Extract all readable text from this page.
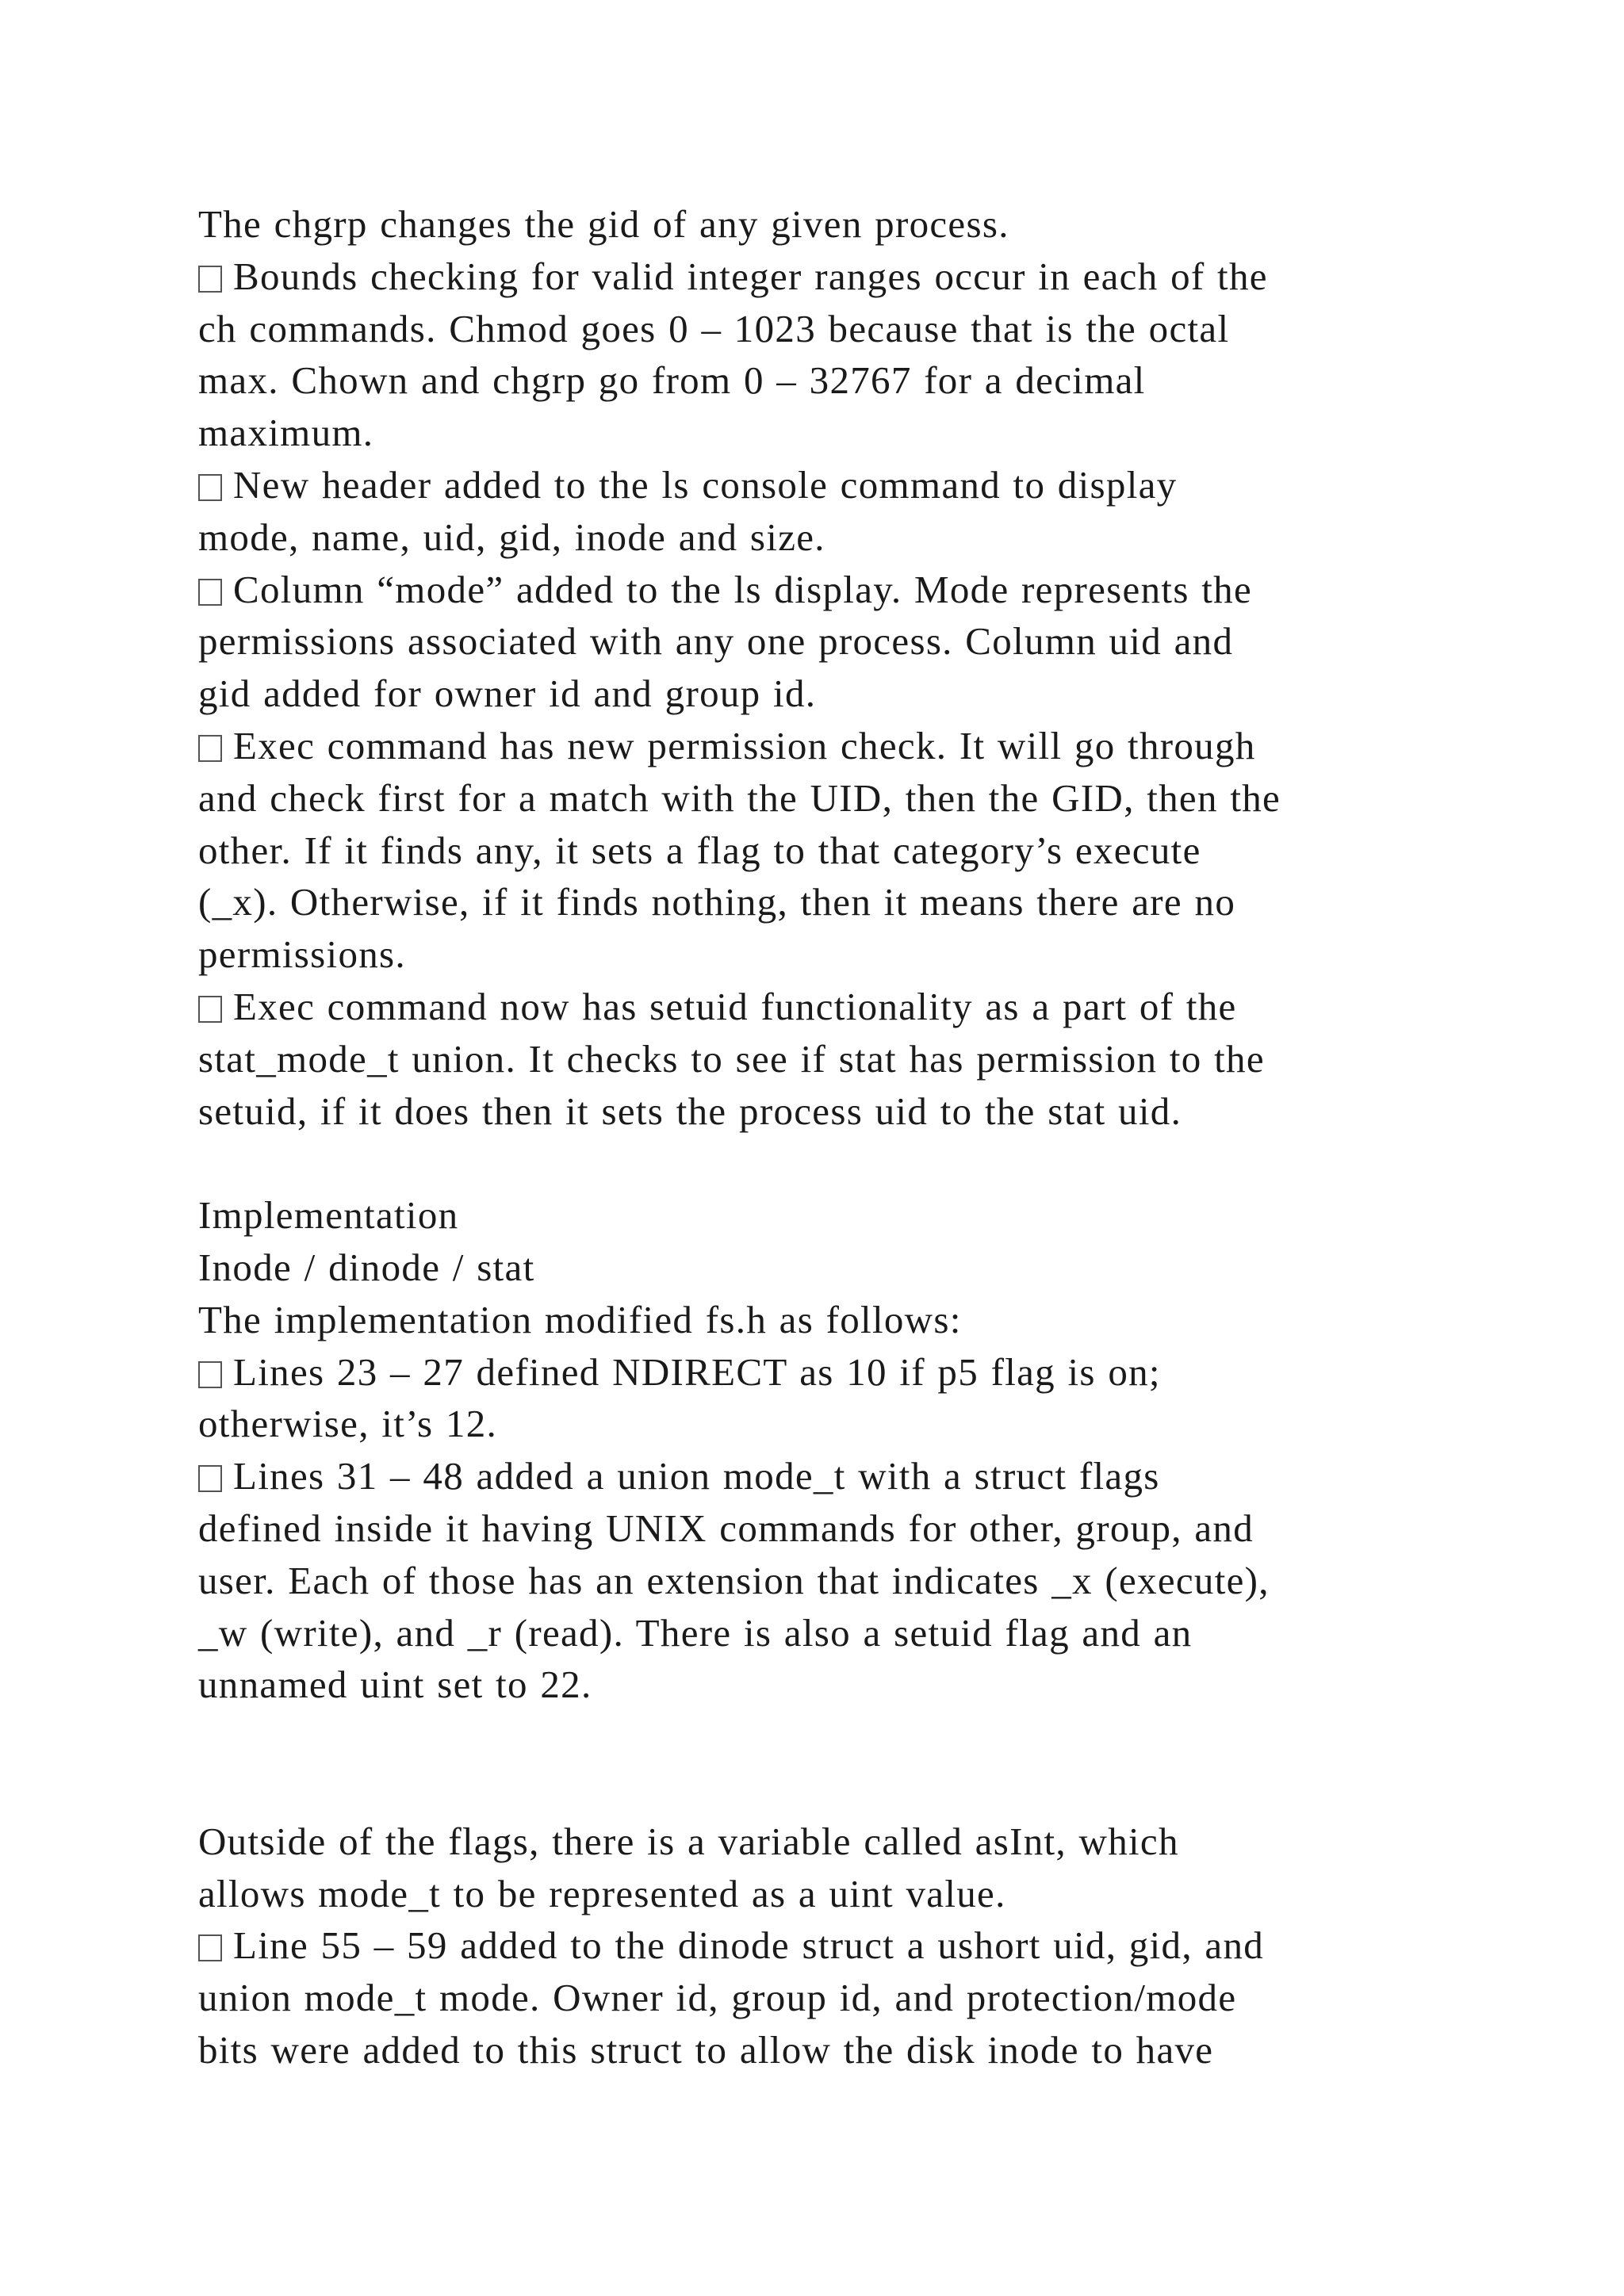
The chgrp changes the gid of any given process.
Bounds checking for valid integer ranges occur in each of the
ch commands. Chmod goes 0 – 1023 because that is the octal
max. Chown and chgrp go from 0 – 32767 for a decimal
maximum.
New header added to the ls console command to display
mode, name, uid, gid, inode and size.
Column “mode” added to the ls display. Mode represents the
permissions associated with any one process. Column uid and
gid added for owner id and group id.
Exec command has new permission check. It will go through
and check first for a match with the UID, then the GID, then the
other. If it finds any, it sets a flag to that category’s execute
(_x). Otherwise, if it finds nothing, then it means there are no
permissions.
Exec command now has setuid functionality as a part of the
stat_mode_t union. It checks to see if stat has permission to the
setuid, if it does then it sets the process uid to the stat uid.
Implementation
Inode / dinode / stat
The implementation modified fs.h as follows:
Lines 23 – 27 defined NDIRECT as 10 if p5 flag is on;
otherwise, it’s 12.
Lines 31 – 48 added a union mode_t with a struct flags
defined inside it having UNIX commands for other, group, and
user. Each of those has an extension that indicates _x (execute),
_w (write), and _r (read). There is also a setuid flag and an
unnamed uint set to 22.
Outside of the flags, there is a variable called asInt, which
allows mode_t to be represented as a uint value.
Line 55 – 59 added to the dinode struct a ushort uid, gid, and
union mode_t mode. Owner id, group id, and protection/mode
bits were added to this struct to allow the disk inode to have
